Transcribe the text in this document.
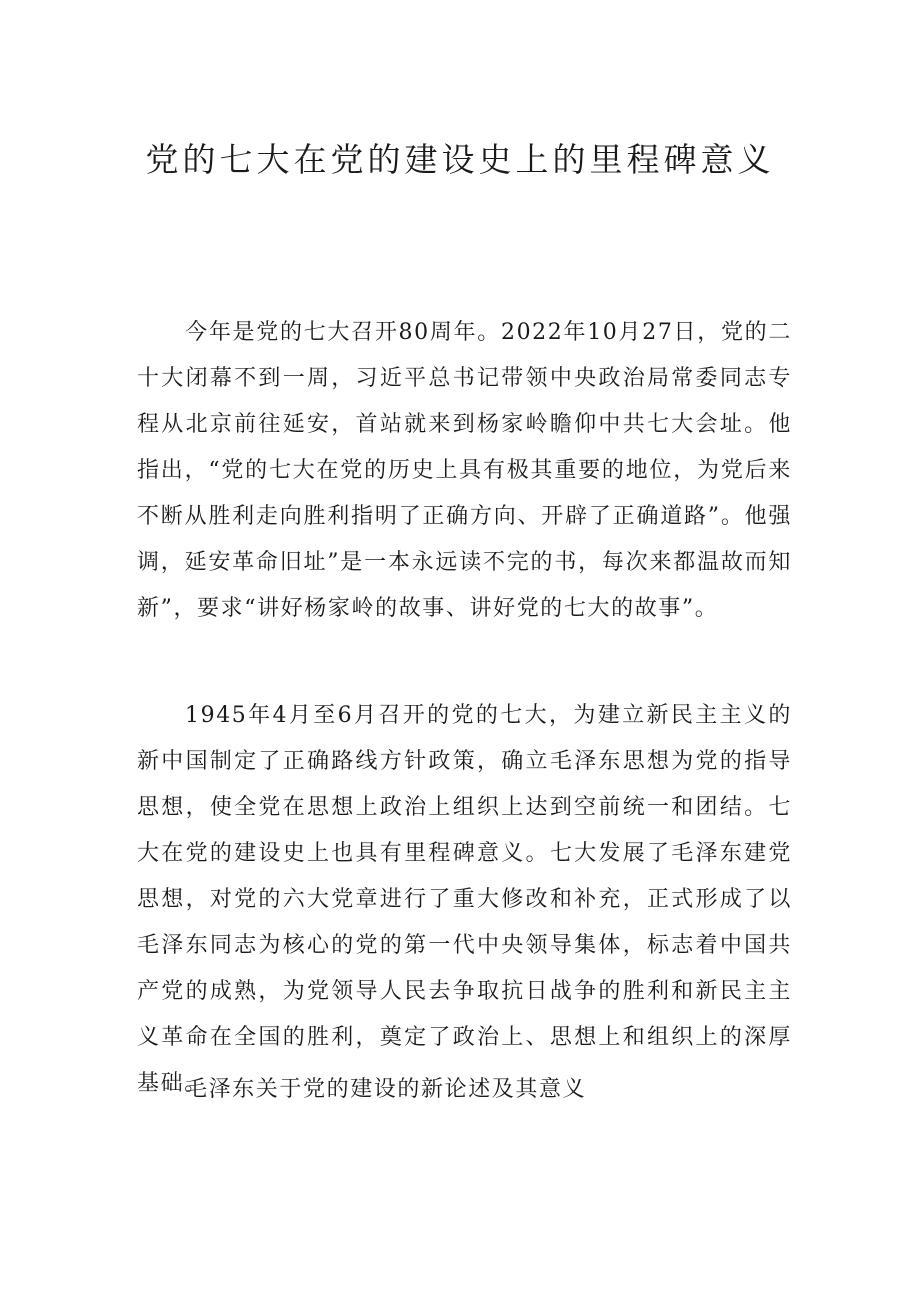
党的七大在党的建设史上的里程碑意义

今年是党的七大召开80周年。2022年10月27日，党的二十大闭幕不到一周，习近平总书记带领中央政治局常委同志专程从北京前往延安，首站就来到杨家岭瞻仰中共七大会址。他指出，“党的七大在党的历史上具有极其重要的地位，为党后来不断从胜利走向胜利指明了正确方向、开辟了正确道路”。他强调，延安革命旧址”是一本永远读不完的书，每次来都温故而知新”，要求“讲好杨家岭的故事、讲好党的七大的故事”。

1945年4月至6月召开的党的七大，为建立新民主主义的新中国制定了正确路线方针政策，确立毛泽东思想为党的指导思想，使全党在思想上政治上组织上达到空前统一和团结。七大在党的建设史上也具有里程碑意义。七大发展了毛泽东建党思想，对党的六大党章进行了重大修改和补充，正式形成了以毛泽东同志为核心的党的第一代中央领导集体，标志着中国共产党的成熟，为党领导人民去争取抗日战争的胜利和新民主主义革命在全国的胜利，奠定了政治上、思想上和组织上的深厚基础。

毛泽东关于党的建设的新论述及其意义
